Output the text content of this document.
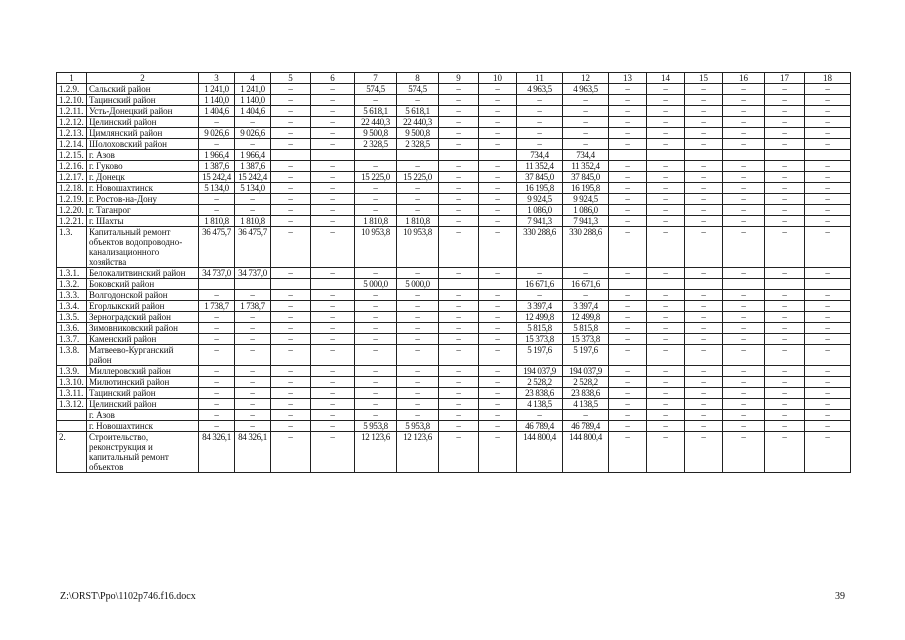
1	2	3	4	5	6	7	8	9	10	11	12	13	14	15	16	17	18
1.2.9.	Сальский район	1 241,0	1 241,0	–	–	574,5	574,5	–	–	4 963,5	4 963,5	–	–	–	–	–	–
1.2.10.	Тацинский район	1 140,0	1 140,0	–	–	–	–	–	–	–	–	–	–	–	–	–	–
1.2.11.	Усть-Донецкий район	1 404,6	1 404,6	–	–	5 618,1	5 618,1	–	–	–	–	–	–	–	–	–	–
1.2.12.	Целинский район	–	–	–	–	22 440,3	22 440,3	–	–	–	–	–	–	–	–	–	–
1.2.13.	Цимлянский район	9 026,6	9 026,6	–	–	9 500,8	9 500,8	–	–	–	–	–	–	–	–	–	–
1.2.14.	Шолоховский район	–	–	–	–	2 328,5	2 328,5	–	–	–	–	–	–	–	–	–	–
1.2.15.	г. Азов	1 966,4	1 966,4							734,4	734,4						
1.2.16.	г. Гуково	1 387,6	1 387,6	–	–	–	–	–	–	11 352,4	11 352,4	–	–	–	–	–	–
1.2.17.	г. Донецк	15 242,4	15 242,4	–	–	15 225,0	15 225,0	–	–	37 845,0	37 845,0	–	–	–	–	–	–
1.2.18.	г. Новошахтинск	5 134,0	5 134,0	–	–	–	–	–	–	16 195,8	16 195,8	–	–	–	–	–	–
1.2.19.	г. Ростов-на-Дону	–	–	–	–	–	–	–	–	9 924,5	9 924,5	–	–	–	–	–	–
1.2.20.	г. Таганрог	–	–	–	–	–	–	–	–	1 086,0	1 086,0	–	–	–	–	–	–
1.2.21.	г. Шахты	1 810,8	1 810,8	–	–	1 810,8	1 810,8	–	–	7 941,3	7 941,3	–	–	–	–	–	–
1.3.	Капитальный ремонт объектов водопроводно-канализационного хозяйства	36 475,7	36 475,7	–	–	10 953,8	10 953,8	–	–	330 288,6	330 288,6	–	–	–	–	–	–
1.3.1.	Белокалитвинский район	34 737,0	34 737,0	–	–	–	–	–	–	–	–	–	–	–	–	–	–
1.3.2.	Боковский район					5 000,0	5 000,0			16 671,6	16 671,6						
1.3.3.	Волгодонской район	–	–	–	–	–	–	–	–	–	–	–	–	–	–	–	–
1.3.4.	Егорлыкский район	1 738,7	1 738,7	–	–	–	–	–	–	3 397,4	3 397,4	–	–	–	–	–	–
1.3.5.	Зерноградский район	–	–	–	–	–	–	–	–	12 499,8	12 499,8	–	–	–	–	–	–
1.3.6.	Зимовниковский район	–	–	–	–	–	–	–	–	5 815,8	5 815,8	–	–	–	–	–	–
1.3.7.	Каменский район	–	–	–	–	–	–	–	–	15 373,8	15 373,8	–	–	–	–	–	–
1.3.8.	Матвеево-Курганский район	–	–	–	–	–	–	–	–	5 197,6	5 197,6	–	–	–	–	–	–
1.3.9.	Миллеровский район	–	–	–	–	–	–	–	–	194 037,9	194 037,9	–	–	–	–	–	–
1.3.10.	Милютинский район	–	–	–	–	–	–	–	–	2 528,2	2 528,2	–	–	–	–	–	–
1.3.11.	Тацинский район	–	–	–	–	–	–	–	–	23 838,6	23 838,6	–	–	–	–	–	–
1.3.12.	Целинский район	–	–	–	–	–	–	–	–	4 138,5	4 138,5	–	–	–	–	–	–
	г. Азов	–	–	–	–	–	–	–	–	–	–	–	–	–	–	–	–
	г. Новошахтинск	–	–	–	–	5 953,8	5 953,8	–	–	46 789,4	46 789,4	–	–	–	–	–	–
2.	Строительство, реконструкция и капитальный ремонт объектов	84 326,1	84 326,1	–	–	12 123,6	12 123,6	–	–	144 800,4	144 800,4	–	–	–	–	–	–
Z:\ORST\Ppo\1102p746.f16.docx	39
